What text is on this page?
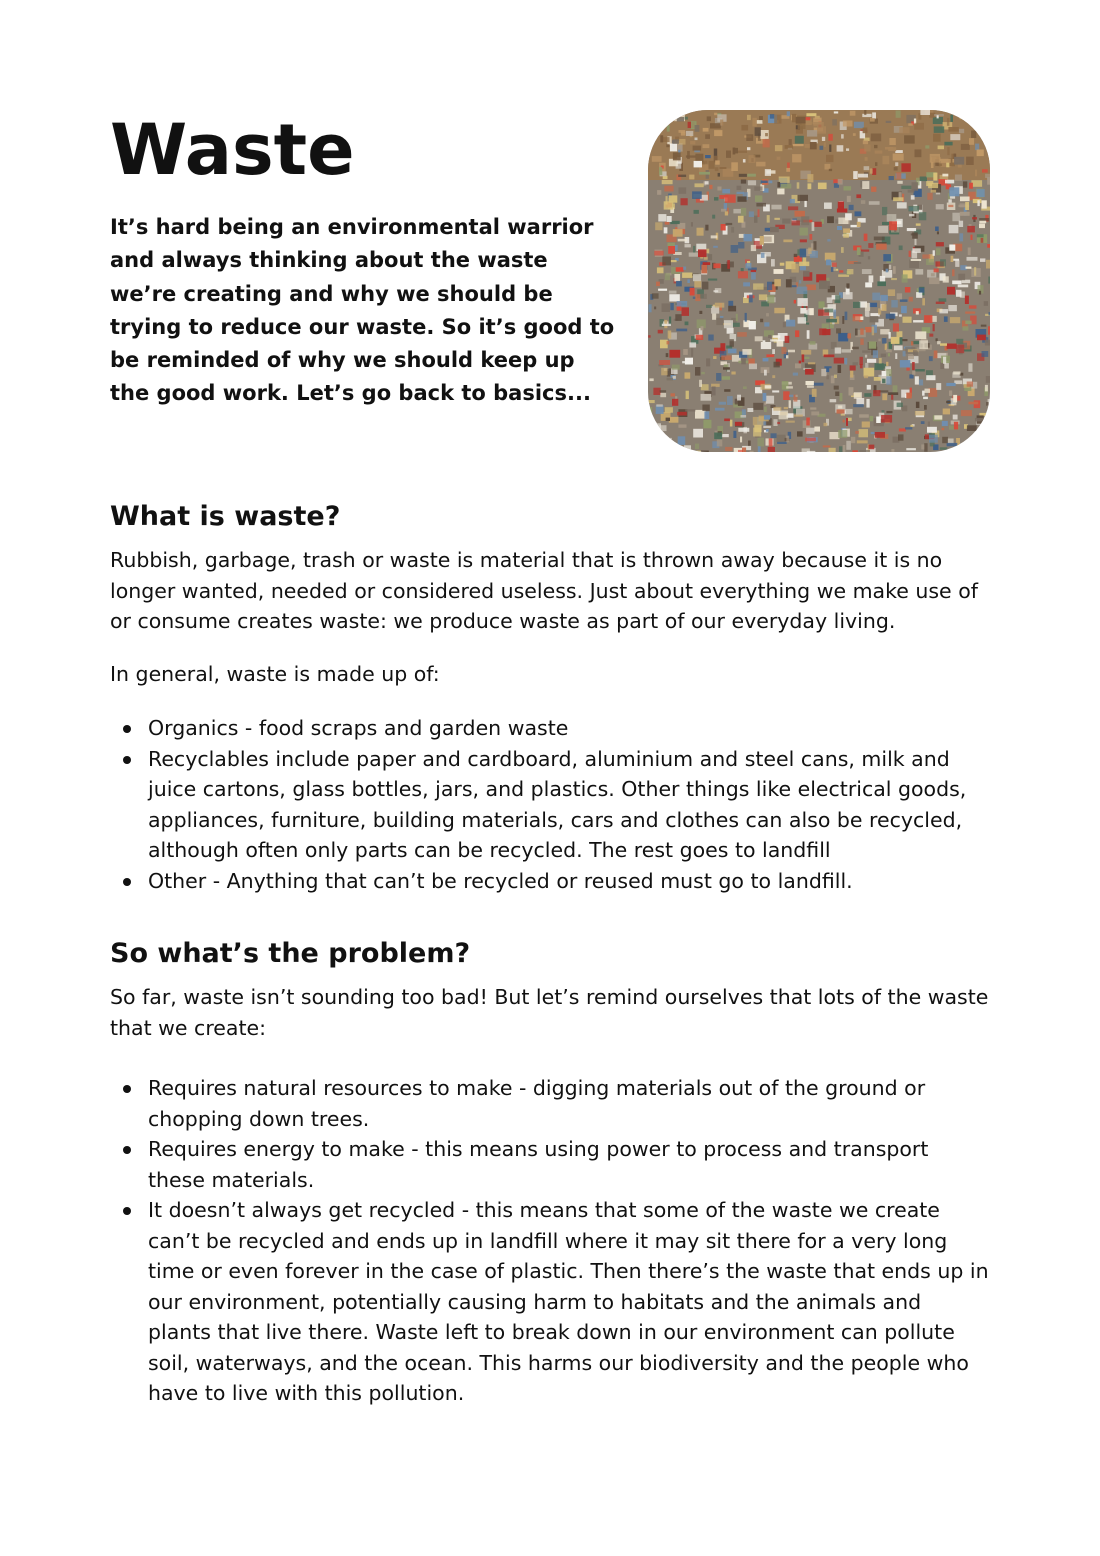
Waste

It’s hard being an environmental warrior and always thinking about the waste we’re creating and why we should be trying to reduce our waste. So it’s good to be reminded of why we should keep up the good work. Let’s go back to basics...

What is waste?

Rubbish, garbage, trash or waste is material that is thrown away because it is no longer wanted, needed or considered useless. Just about everything we make use of or consume creates waste: we produce waste as part of our everyday living.

In general, waste is made up of:

Organics - food scraps and garden waste
Recyclables include paper and cardboard, aluminium and steel cans, milk and juice cartons, glass bottles, jars, and plastics. Other things like electrical goods, appliances, furniture, building materials, cars and clothes can also be recycled, although often only parts can be recycled. The rest goes to landfill
Other - Anything that can’t be recycled or reused must go to landfill.
So what’s the problem?

So far, waste isn’t sounding too bad! But let’s remind ourselves that lots of the waste that we create:

Requires natural resources to make - digging materials out of the ground or chopping down trees.
Requires energy to make - this means using power to process and transport these materials.
It doesn’t always get recycled - this means that some of the waste we create can’t be recycled and ends up in landfill where it may sit there for a very long time or even forever in the case of plastic. Then there’s the waste that ends up in our environment, potentially causing harm to habitats and the animals and plants that live there. Waste left to break down in our environment can pollute soil, waterways, and the ocean. This harms our biodiversity and the people who have to live with this pollution.
